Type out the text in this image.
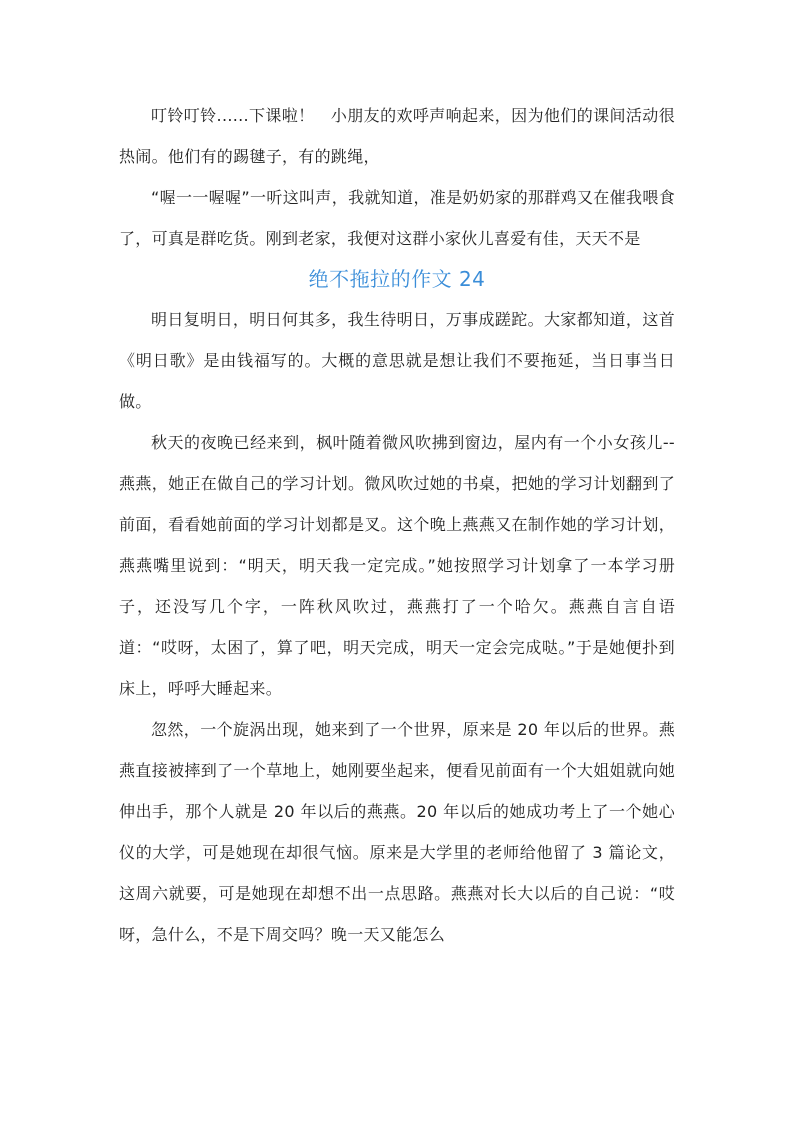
叮铃叮铃......下课啦！　小朋友的欢呼声响起来，因为他们的课间活动很热闹。他们有的踢毽子，有的跳绳，

“喔一一喔喔”一听这叫声，我就知道，准是奶奶家的那群鸡又在催我喂食了，可真是群吃货。刚到老家，我便对这群小家伙儿喜爱有佳，天天不是

绝不拖拉的作文 24

明日复明日，明日何其多，我生待明日，万事成蹉跎。大家都知道，这首《明日歌》是由钱福写的。大概的意思就是想让我们不要拖延，当日事当日做。

秋天的夜晚已经来到，枫叶随着微风吹拂到窗边，屋内有一个小女孩儿--燕燕，她正在做自己的学习计划。微风吹过她的书桌，把她的学习计划翻到了前面，看看她前面的学习计划都是叉。这个晚上燕燕又在制作她的学习计划，燕燕嘴里说到：“明天，明天我一定完成。”她按照学习计划拿了一本学习册子，还没写几个字，一阵秋风吹过，燕燕打了一个哈欠。燕燕自言自语道：“哎呀，太困了，算了吧，明天完成，明天一定会完成哒。”于是她便扑到床上，呼呼大睡起来。

忽然，一个旋涡出现，她来到了一个世界，原来是 20 年以后的世界。燕燕直接被摔到了一个草地上，她刚要坐起来，便看见前面有一个大姐姐就向她伸出手，那个人就是 20 年以后的燕燕。20 年以后的她成功考上了一个她心仪的大学，可是她现在却很气恼。原来是大学里的老师给他留了 3 篇论文，这周六就要，可是她现在却想不出一点思路。燕燕对长大以后的自己说：“哎呀，急什么，不是下周交吗？晚一天又能怎么
